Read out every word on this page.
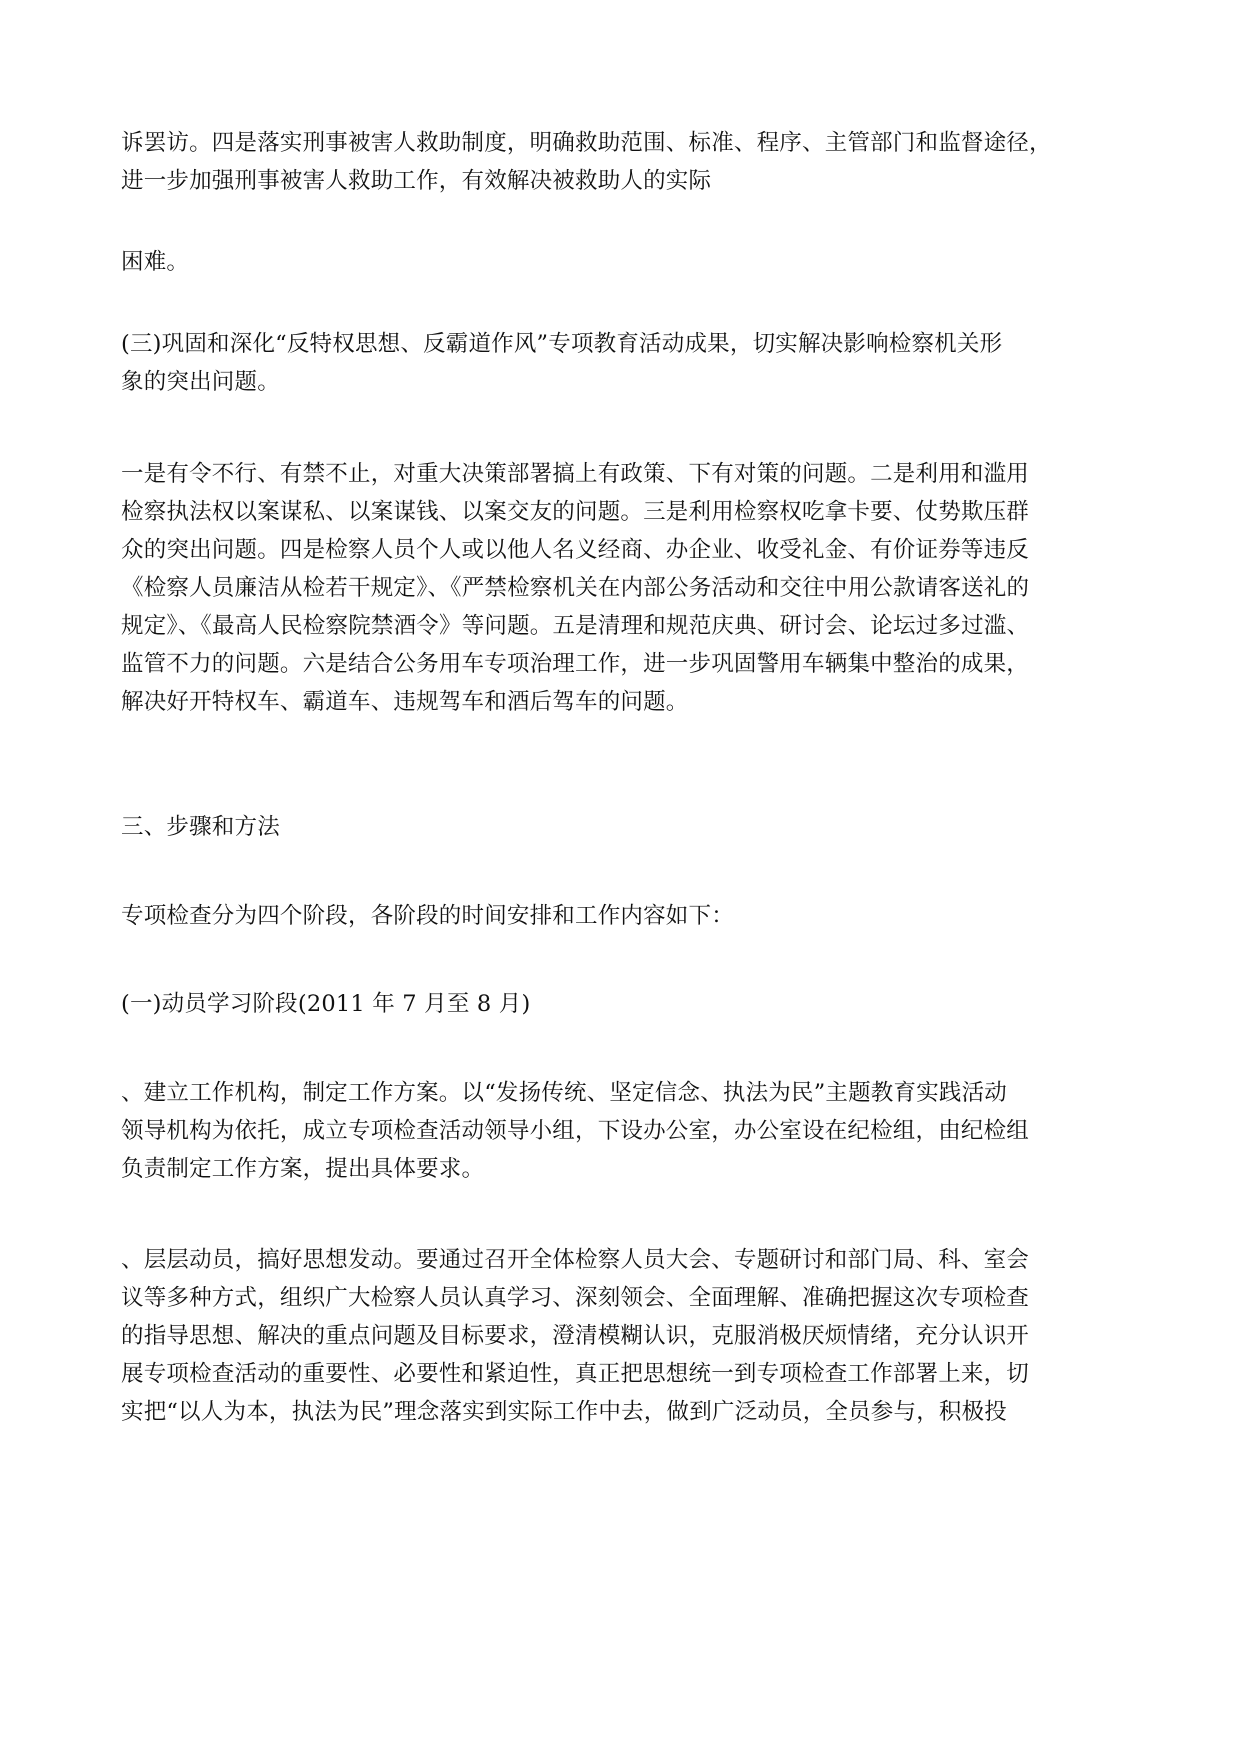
诉罢访。四是落实刑事被害人救助制度，明确救助范围、标准、程序、主管部门和监督途径，
进一步加强刑事被害人救助工作，有效解决被救助人的实际

困难。

(三)巩固和深化“反特权思想、反霸道作风”专项教育活动成果，切实解决影响检察机关形
象的突出问题。

一是有令不行、有禁不止，对重大决策部署搞上有政策、下有对策的问题。二是利用和滥用
检察执法权以案谋私、以案谋钱、以案交友的问题。三是利用检察权吃拿卡要、仗势欺压群
众的突出问题。四是检察人员个人或以他人名义经商、办企业、收受礼金、有价证券等违反
《检察人员廉洁从检若干规定》、《严禁检察机关在内部公务活动和交往中用公款请客送礼的
规定》、《最高人民检察院禁酒令》等问题。五是清理和规范庆典、研讨会、论坛过多过滥、
监管不力的问题。六是结合公务用车专项治理工作，进一步巩固警用车辆集中整治的成果，
解决好开特权车、霸道车、违规驾车和酒后驾车的问题。

三、步骤和方法

专项检查分为四个阶段，各阶段的时间安排和工作内容如下：

(一)动员学习阶段(2011 年 7 月至 8 月)

、建立工作机构，制定工作方案。以“发扬传统、坚定信念、执法为民”主题教育实践活动
领导机构为依托，成立专项检查活动领导小组，下设办公室，办公室设在纪检组，由纪检组
负责制定工作方案，提出具体要求。

、层层动员，搞好思想发动。要通过召开全体检察人员大会、专题研讨和部门局、科、室会
议等多种方式，组织广大检察人员认真学习、深刻领会、全面理解、准确把握这次专项检查
的指导思想、解决的重点问题及目标要求，澄清模糊认识，克服消极厌烦情绪，充分认识开
展专项检查活动的重要性、必要性和紧迫性，真正把思想统一到专项检查工作部署上来，切
实把“以人为本，执法为民”理念落实到实际工作中去，做到广泛动员，全员参与，积极投
